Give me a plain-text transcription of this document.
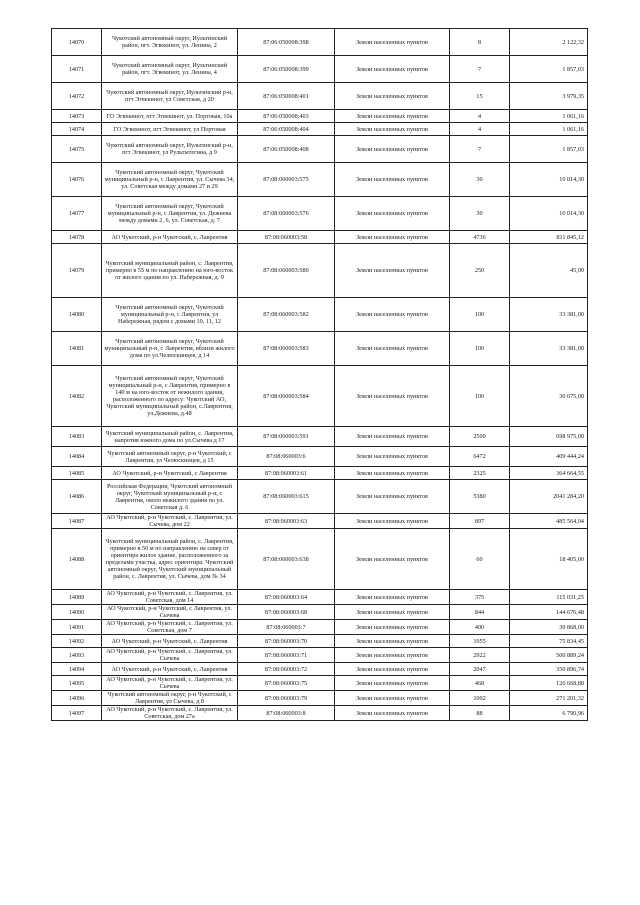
14070	Чукотский автономный округ, Иультинский район, пгт. Эгвекинот, ул. Ленина, 2	87:06:050008:398	Земли населенных пунктов	8	2 122,32
14071	Чукотский автономный округ, Иультинский район, пгт. Эгвекинот, ул. Ленина, 4	87:06:050008:399	Земли населенных пунктов	7	1 857,03
14072	Чукотский автономный округ, Иультинский р-н, пгт Эгвекинот, ул Советская, д 20	87:06:050008:401	Земли населенных пунктов	15	3 979,35
14073	ГО Эгвекинот, пгт Эгвекинот, ул. Портовая, 10а	87:06:050008:403	Земли населенных пунктов	4	1 061,16
14074	ГО Эгвекинот, пгт Эгвекинот, ул Портовая	87:06:050008:404	Земли населенных пунктов	4	1 061,16
14075	Чукотский автономный округ, Иультинский р-н, пгт Эгвекинот, ул Рультытегина, д 9	87:06:050008:408	Земли населенных пунктов	7	1 857,03
14076	Чукотский автономный округ, Чукотский муниципальный р-н, с Лаврентия, ул. Сычева 34, ул. Советская между домами 27 и 29	87:08:060003:575	Земли населенных пунктов	30	10 014,30
14077	Чукотский автономный округ, Чукотский муниципальный р-н, с Лаврентия, ул. Дежнева между домами 2, 6, ул. Советская, д. 7	87:08:060003:576	Земли населенных пунктов	30	10 014,30
14078	АО Чукотский, р-н Чукотский, с. Лаврентия	87:08:060003:58	Земли населенных пунктов	4736	811 845,12
14079	Чукотский муниципальный район, с. Лаврентия, примерно в 55 м по направлению на юго-восток от жилого здания по ул. Набережная, д. 9	87:08:060003:580	Земли населенных пунктов	250	45,00
14080	Чукотский автономный округ, Чукотский муниципальный р-н, с Лаврентия, ул Набережная, рядом с домами 10, 11, 12	87:08:060003:582	Земли населенных пунктов	100	33 381,00
14081	Чукотский автономный округ, Чукотский муниципальный р-н, с Лаврентия, вблизи жилого дома по ул.Челюскинцев, д 14	87:08:060003:583	Земли населенных пунктов	100	33 381,00
14082	Чукотский автономный округ, Чукотский муниципальный р-н, с Лаврентия, примерно в 140 м на юго-восток от нежилого здания, расположенного по адресу: Чукотский АО, Чукотский муниципальный район, с.Лаврентия, ул.Дежнева, д.48	87:08:060003:584	Земли населенных пунктов	100	30 675,00
14083	Чукотский муниципальный район, с. Лаврентия, напротив южного дома по ул.Сычева д 17	87:08:060003:591	Земли населенных пунктов	2500	698 975,00
14084	Чукотский автономный округ, р-н Чукотский, с Лаврентия, ул Челюскинцев, д 15	87:08:060003:6	Земли населенных пунктов	6472	409 444,24
14085	АО Чукотский, р-н Чукотский, с Лаврентия	87:08:060003:61	Земли населенных пунктов	2325	364 664,55
14086	Российская Федерация, Чукотский автономный округ, Чукотский муниципальный р-н, с Лаврентия, около нежилого здания по ул. Советская д. 6	87:08:060003:615	Земли населенных пунктов	5380	2041 284,20
14087	АО Чукотский, р-н Чукотский, с. Лаврентия, ул. Сычева, дом 22	87:08:060003:63	Земли населенных пунктов	897	485 564,04
14088	Чукотский муниципальный район, с. Лаврентия, примерно в 50 м по направлению на север от ориентира жилое здание, расположенного за пределами участка, адрес ориентира: Чукотский автономный округ, Чукотский муниципальный район, с. Лаврентия, ул. Сычева, дом № 34	87:08:060003:638	Земли населенных пунктов	60	18 405,00
14089	АО Чукотский, р-н Чукотский, с. Лаврентия, ул. Советская, дом 14	87:08:060003:64	Земли населенных пунктов	375	115 031,25
14090	АО Чукотский, р-н Чукотский, с Лаврентия, ул. Сычева	87:08:060003:68	Земли населенных пунктов	844	144 676,48
14091	АО Чукотский, р-н Чукотский, с. Лаврентия, ул. Советская, дом 7	87:08:060003:7	Земли населенных пунктов	400	30 868,00
14092	АО Чукотский, р-н Чукотский, с. Лаврентия	87:08:060003:70	Земли населенных пунктов	1955	75 834,45
14093	АО Чукотский, р-н Чукотский, с. Лаврентия, ул. Сычева	87:08:060003:71	Земли населенных пунктов	2922	500 889,24
14094	АО Чукотский, р-н Чукотский, с. Лаврентия	87:08:060003:72	Земли населенных пунктов	2047	350 896,74
14095	АО Чукотский, р-н Чукотский, с. Лаврентия, ул. Сычева	87:08:060003:75	Земли населенных пунктов	468	126 668,88
14096	Чукотский автономный округ, р-н Чукотский, с Лаврентия, ул Сычева, д 8	87:08:060003:79	Земли населенных пунктов	1002	271 201,32
14097	АО Чукотский, р-н Чукотский, с. Лаврентия, ул. Советская, дом 27а	87:08:060003:8	Земли населенных пунктов	88	6 790,96
